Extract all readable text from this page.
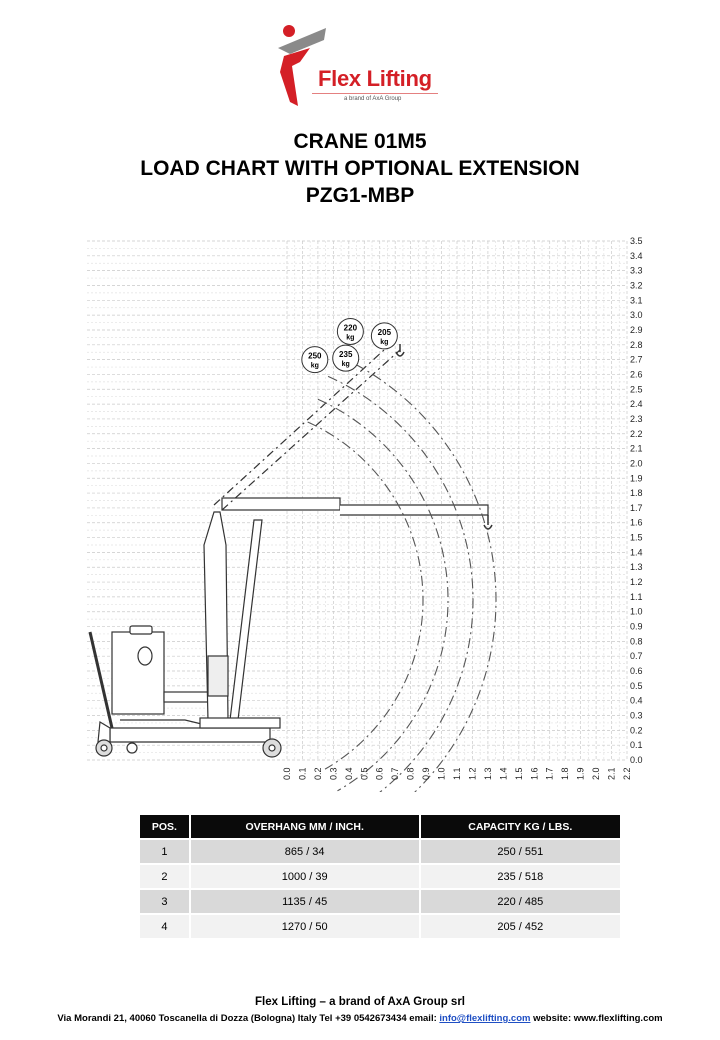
Flex Lifting
a brand of AxA Group
CRANE 01M5
LOAD CHART WITH OPTIONAL EXTENSION
PZG1-MBP
250
kg
235
kg
220
kg
205
kg
0.0 0.1 0.2 0.3 0.4 0.5 0.6 0.7 0.8 0.9 1.0 1.1 1.2 1.3 1.4 1.5 1.6 1.7 1.8 1.9 2.0 2.1 2.2
0.0
0.1
0.2
0.3
0.4
0.5
0.6
0.7
0.8
0.9
1.0
1.1
1.2
1.3
1.4
1.5
1.6
1.7
1.8
1.9
2.0
2.1
2.2
2.3
2.4
2.5
2.6
2.7
2.8
2.9
3.0
3.1
3.2
3.3
3.4
3.5
POS.	OVERHANG MM / INCH.	CAPACITY KG / LBS.
1	865 / 34	250 / 551
2	1000 / 39	235 / 518
3	1135 / 45	220 / 485
4	1270 / 50	205 / 452
Flex Lifting – a brand of AxA Group srl
Via Morandi 21, 40060 Toscanella di Dozza (Bologna) Italy Tel +39 0542673434 email: info@flexlifting.com website: www.flexlifting.com
